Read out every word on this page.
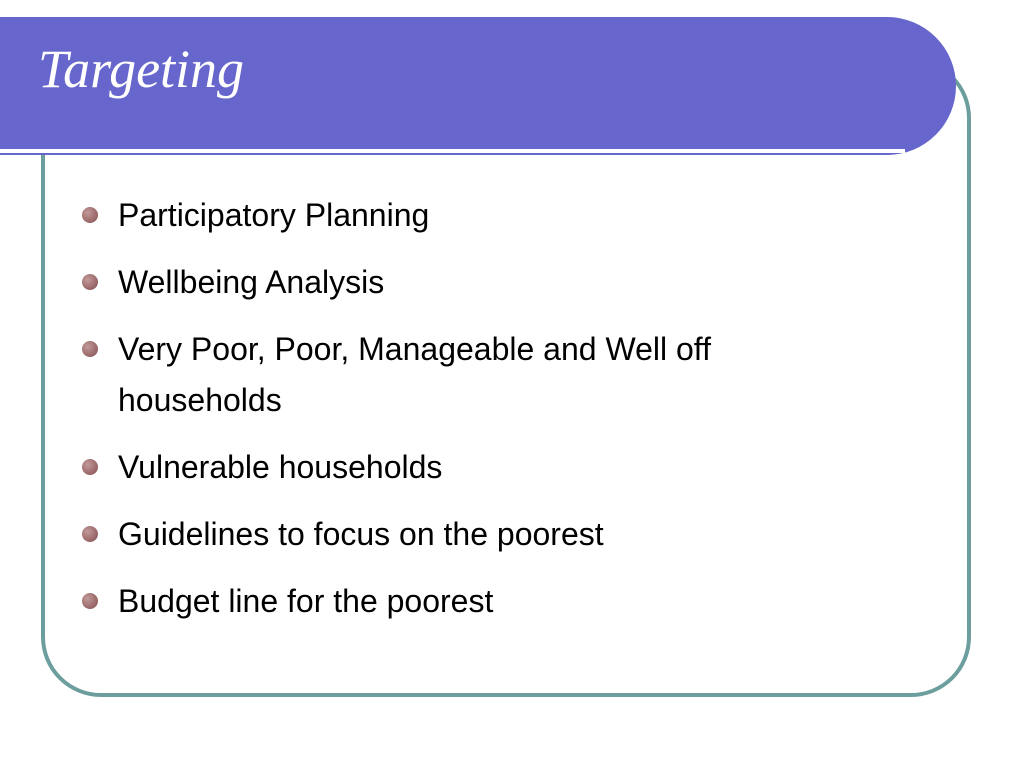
Targeting
Participatory Planning
Wellbeing Analysis
Very Poor, Poor, Manageable and Well off households
Vulnerable households
Guidelines to focus on the poorest
Budget line for the poorest
